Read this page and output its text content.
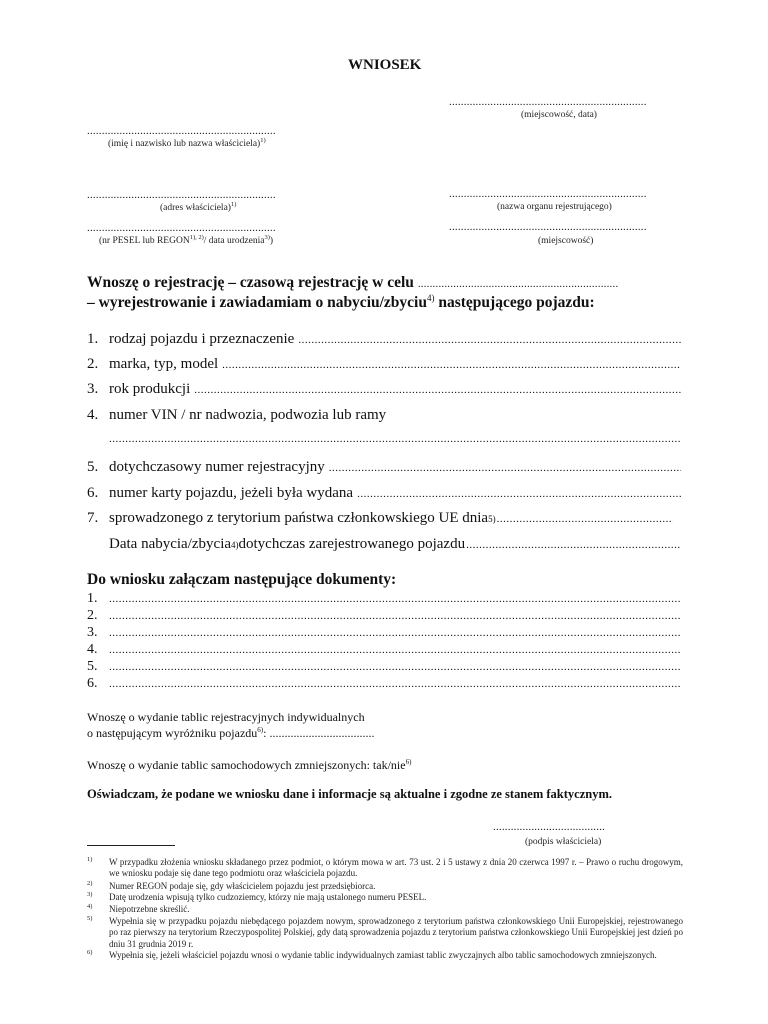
WNIOSEK
...................................................................
(miejscowość, data)
................................................................
(imię i nazwisko lub nazwa właściciela)$^{1)}$
................................................................
(adres właściciela)$^{1)}$
...................................................................
(nazwa organu rejestrującego)
................................................................
(nr PESEL lub $REGON^{1), 2)}/$ data urodzenia$^{3)}$)
...................................................................
(miejscowość)
Wnoszę o rejestrację – czasową rejestrację w celu ....................................................................
– wyrejestrowanie i zawiadamiam o nabyciu/zbyciu$^{4)}$ następującego pojazdu:
1. rodzaj pojazdu i przeznaczenie
.....
2. marka, typ, model
.....
3. rok produkcji
.....
4. numer VIN / nr nadwozia, podwozia lub ramy
.....
5. dotychczasowy numer rejestracyjny
.....
6. numer karty pojazdu, jeżeli była wydana
.....
7. sprowadzonego z terytorium państwa członkowskiego UE dnia 5)
.....
Data nabycia/zbycia 4) dotychczas zarejestrowanego pojazdu
.....
Do wniosku załączam następujące dokumenty:
1.
.....
2.
.....
3.
.....
4.
.....
5.
.....
6.
.....
Wnoszę o wydanie tablic rejestracyjnych indywidualnych
o następującym wyróżniku pojazdu$^{6)}$: ...................................
Wnoszę o wydanie tablic samochodowych zmniejszonych: tak/nie$^{6)}$
Oświadczam, że podane we wniosku dane i informacje są aktualne i zgodne ze stanem faktycznym.
......................................
(podpis właściciela)
$^{1)}$	W przypadku złożenia wniosku składanego przez podmiot, o którym mowa w art. 73 ust. 2 i 5 ustawy z dnia 20 czerwca 1997 r. – Prawo o ruchu drogowym, we wniosku podaje się dane tego podmiotu oraz właściciela pojazdu.
$^{2)}$	Numer REGON podaje się, gdy właścicielem pojazdu jest przedsiębiorca.
$^{3)}$	Datę urodzenia wpisują tylko cudzoziemcy, którzy nie mają ustalonego numeru PESEL.
$^{4)}$	Niepotrzebne skreślić.
$^{5)}$	Wypełnia się w przypadku pojazdu niebędącego pojazdem nowym, sprowadzonego z terytorium państwa członkowskiego Unii Europejskiej, rejestrowanego po raz pierwszy na terytorium Rzeczypospolitej Polskiej, gdy datą sprowadzenia pojazdu z terytorium państwa członkowskiego Unii Europejskiej jest dzień po dniu 31 grudnia 2019 r.
$^{6)}$	Wypełnia się, jeżeli właściciel pojazdu wnosi o wydanie tablic indywidualnych zamiast tablic zwyczajnych albo tablic samochodowych zmniejszonych.
